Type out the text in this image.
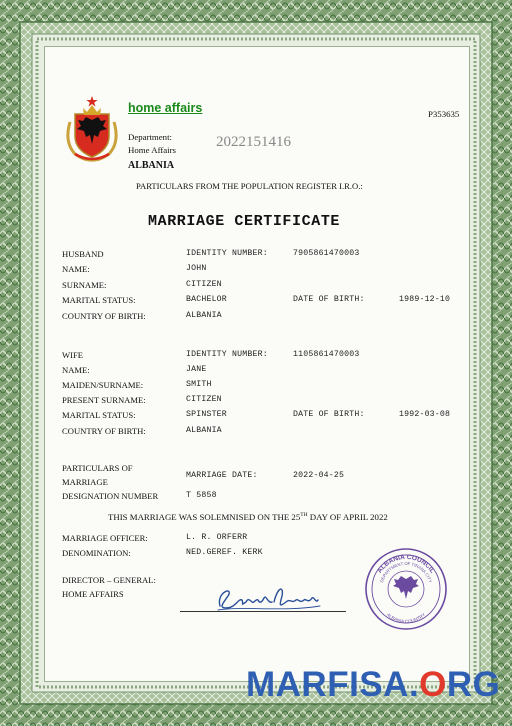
home affairs	P353635
Department:
Home Affairs	2022151416
ALBANIA
PARTICULARS FROM THE POPULATION REGISTER I.R.O.:
MARRIAGE CERTIFICATE
HUSBAND	IDENTITY NUMBER:	7905861470003
NAME:	JOHN
SURNAME:	CITIZEN
MARITAL STATUS:	BACHELOR	DATE OF BIRTH:	1989-12-10
COUNTRY OF BIRTH:	ALBANIA
WIFE	IDENTITY NUMBER:	1105861470003
NAME:	JANE
MAIDEN/SURNAME:	SMITH
PRESENT SURNAME:	CITIZEN
MARITAL STATUS:	SPINSTER	DATE OF BIRTH:	1992-03-08
COUNTRY OF BIRTH:	ALBANIA
PARTICULARS OF
MARRIAGE
MARRIAGE DATE:	2022-04-25
DESIGNATION NUMBER	T 5858
THIS MARRIAGE WAS SOLEMNISED ON THE 25TH DAY OF APRIL 2022
MARRIAGE OFFICER:	L. R. ORFERR
DENOMINATION:	NED.GEREF. KERK
DIRECTOR – GENERAL:
HOME AFFAIRS
ALBANIA COUNCIL
DEPARTMENT OF TIRANA CITY
ALBANIA COUNTRY
MARFISA.ORG
